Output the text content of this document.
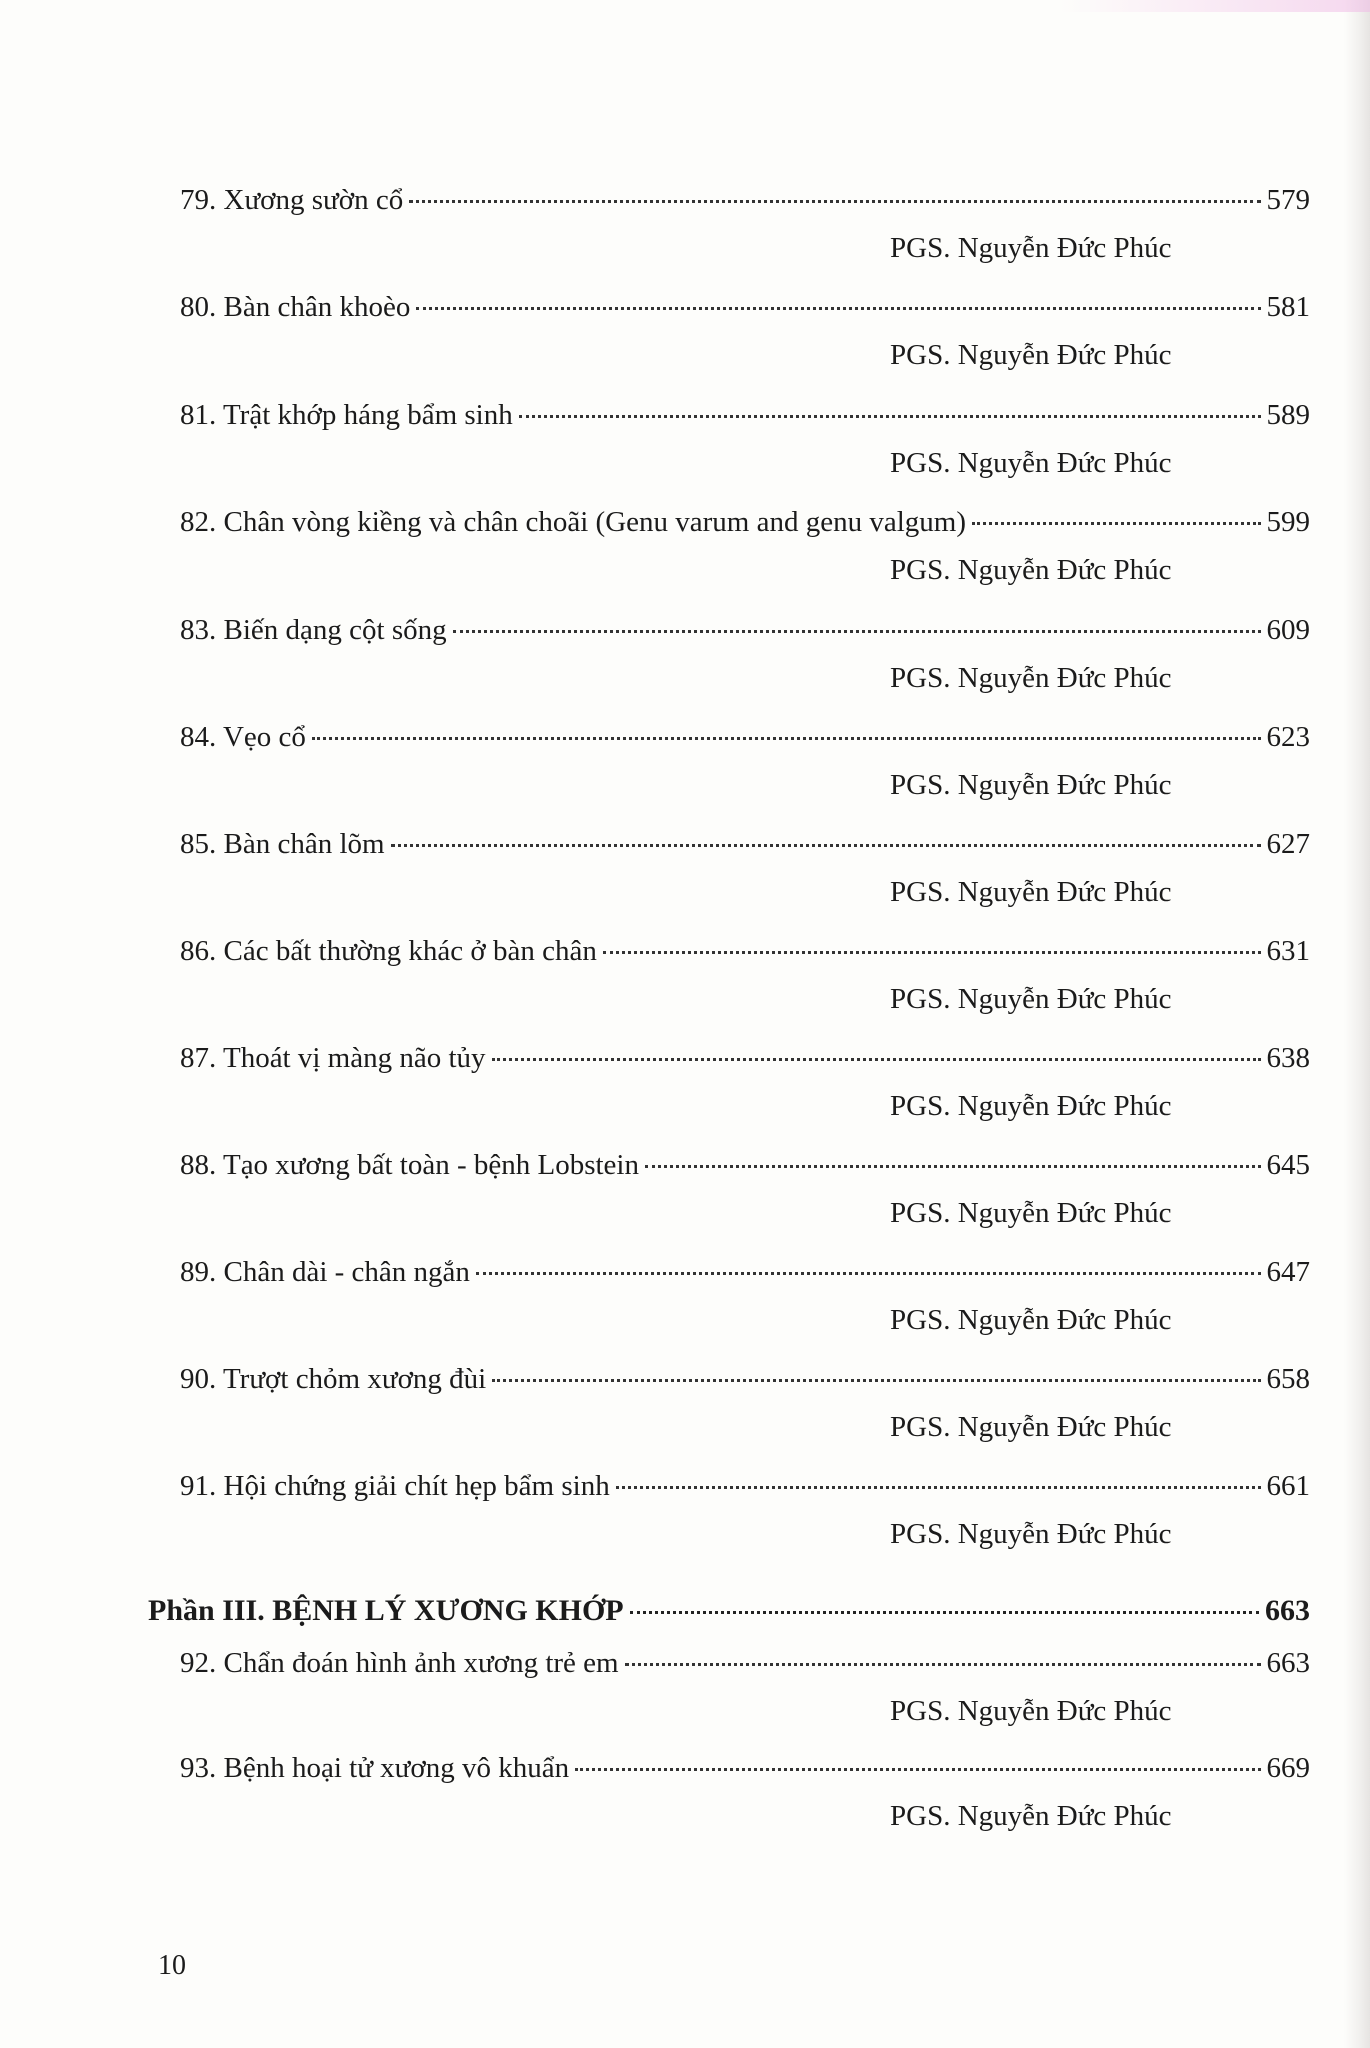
79. Xương sườn cổ	579
PGS. Nguyễn Đức Phúc
80. Bàn chân khoèo	581
PGS. Nguyễn Đức Phúc
81. Trật khớp háng bẩm sinh	589
PGS. Nguyễn Đức Phúc
82. Chân vòng kiềng và chân choãi (Genu varum and genu valgum)	599
PGS. Nguyễn Đức Phúc
83. Biến dạng cột sống	609
PGS. Nguyễn Đức Phúc
84. Vẹo cổ	623
PGS. Nguyễn Đức Phúc
85. Bàn chân lõm	627
PGS. Nguyễn Đức Phúc
86. Các bất thường khác ở bàn chân	631
PGS. Nguyễn Đức Phúc
87. Thoát vị màng não tủy	638
PGS. Nguyễn Đức Phúc
88. Tạo xương bất toàn - bệnh Lobstein	645
PGS. Nguyễn Đức Phúc
89. Chân dài - chân ngắn	647
PGS. Nguyễn Đức Phúc
90. Trượt chỏm xương đùi	658
PGS. Nguyễn Đức Phúc
91. Hội chứng giải chít hẹp bẩm sinh	661
PGS. Nguyễn Đức Phúc
Phần III. BỆNH LÝ XƯƠNG KHỚP	663
92. Chẩn đoán hình ảnh xương trẻ em	663
PGS. Nguyễn Đức Phúc
93. Bệnh hoại tử xương vô khuẩn	669
PGS. Nguyễn Đức Phúc
10
